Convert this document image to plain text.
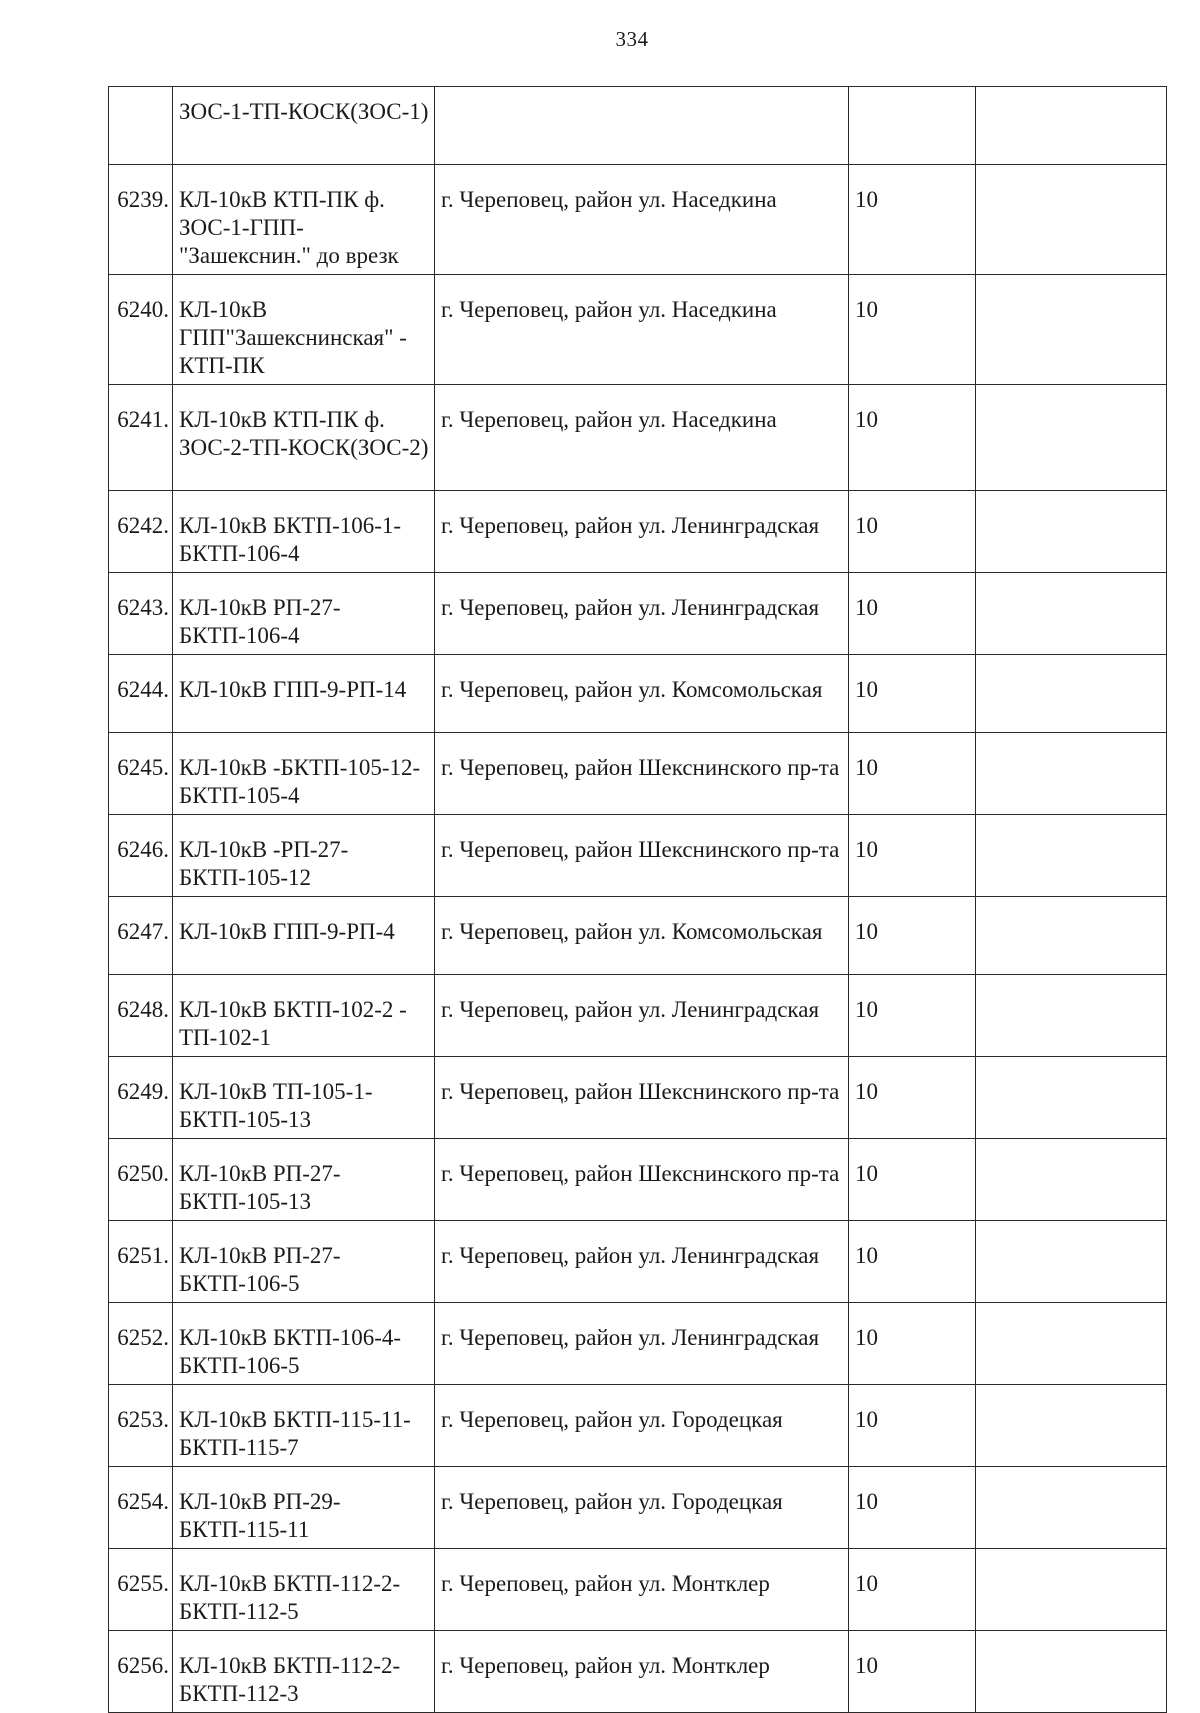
334
	ЗОС-1-ТП-КОСК(ЗОС-1)			
6239.	КЛ-10кВ КТП-ПК ф. ЗОС-1-ГПП-"Зашекснин." до врезк	г. Череповец, район ул. Наседкина	10	
6240.	КЛ-10кВ ГПП"Зашекснинская" - КТП-ПК	г. Череповец, район ул. Наседкина	10	
6241.	КЛ-10кВ КТП-ПК ф. ЗОС-2-ТП-КОСК(ЗОС-2)	г. Череповец, район ул. Наседкина	10	
6242.	КЛ-10кВ БКТП-106-1-БКТП-106-4	г. Череповец, район ул. Ленинградская	10	
6243.	КЛ-10кВ РП-27-БКТП-106-4	г. Череповец, район ул. Ленинградская	10	
6244.	КЛ-10кВ ГПП-9-РП-14	г. Череповец, район ул. Комсомольская	10	
6245.	КЛ-10кВ -БКТП-105-12-БКТП-105-4	г. Череповец, район Шекснинского пр-та	10	
6246.	КЛ-10кВ -РП-27-БКТП-105-12	г. Череповец, район Шекснинского пр-та	10	
6247.	КЛ-10кВ ГПП-9-РП-4	г. Череповец, район ул. Комсомольская	10	
6248.	КЛ-10кВ БКТП-102-2 - ТП-102-1	г. Череповец, район ул. Ленинградская	10	
6249.	КЛ-10кВ ТП-105-1-БКТП-105-13	г. Череповец, район Шекснинского пр-та	10	
6250.	КЛ-10кВ РП-27-БКТП-105-13	г. Череповец, район Шекснинского пр-та	10	
6251.	КЛ-10кВ РП-27-БКТП-106-5	г. Череповец, район ул. Ленинградская	10	
6252.	КЛ-10кВ БКТП-106-4-БКТП-106-5	г. Череповец, район ул. Ленинградская	10	
6253.	КЛ-10кВ БКТП-115-11-БКТП-115-7	г. Череповец, район ул. Городецкая	10	
6254.	КЛ-10кВ РП-29-БКТП-115-11	г. Череповец, район ул. Городецкая	10	
6255.	КЛ-10кВ БКТП-112-2-БКТП-112-5	г. Череповец, район ул. Монтклер	10	
6256.	КЛ-10кВ БКТП-112-2-БКТП-112-3	г. Череповец, район ул. Монтклер	10	
